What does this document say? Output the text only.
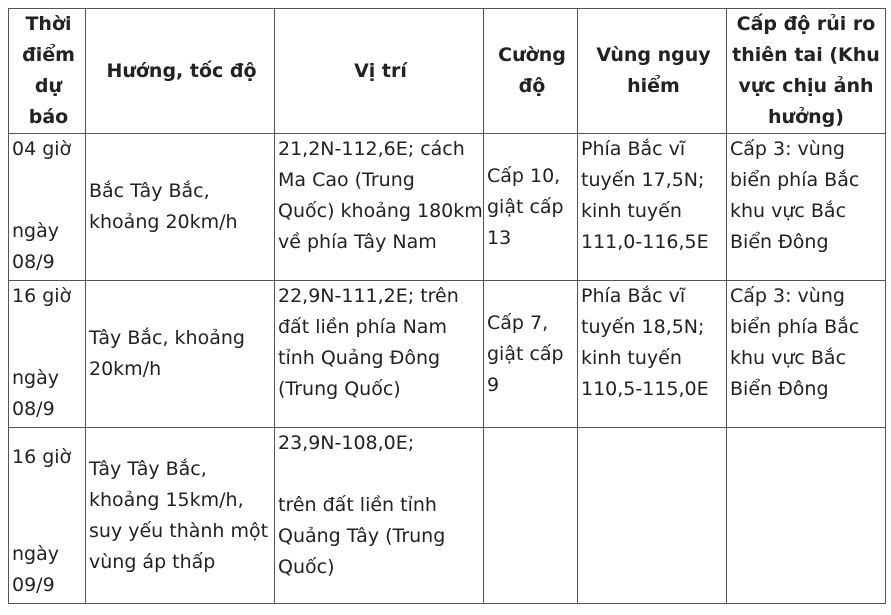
Thời
điểm
dự báo	Hướng, tốc độ	Vị trí	Cường
độ	Vùng nguy
hiểm	Cấp độ rủi ro
thiên tai (Khu
vực chịu ảnh
hưởng)

04 giờ
ngày
08/9	Bắc Tây Bắc,
khoảng 20km/h	21,2N-112,6E; cách
Ma Cao (Trung
Quốc) khoảng 180km
về phía Tây Nam	Cấp 10,
giật cấp
13	Phía Bắc vĩ
tuyến 17,5N;
kinh tuyến
111,0-116,5E	Cấp 3: vùng
biển phía Bắc
khu vực Bắc
Biển Đông

16 giờ
ngày
08/9	Tây Bắc, khoảng
20km/h	22,9N-111,2E; trên
đất liền phía Nam
tỉnh Quảng Đông
(Trung Quốc)	Cấp 7,
giật cấp
9	Phía Bắc vĩ
tuyến 18,5N;
kinh tuyến
110,5-115,0E	Cấp 3: vùng
biển phía Bắc
khu vực Bắc
Biển Đông

16 giờ
ngày
09/9	Tây Tây Bắc,
khoảng 15km/h,
suy yếu thành một
vùng áp thấp	23,9N-108,0E;
trên đất liền tỉnh
Quảng Tây (Trung
Quốc)			
